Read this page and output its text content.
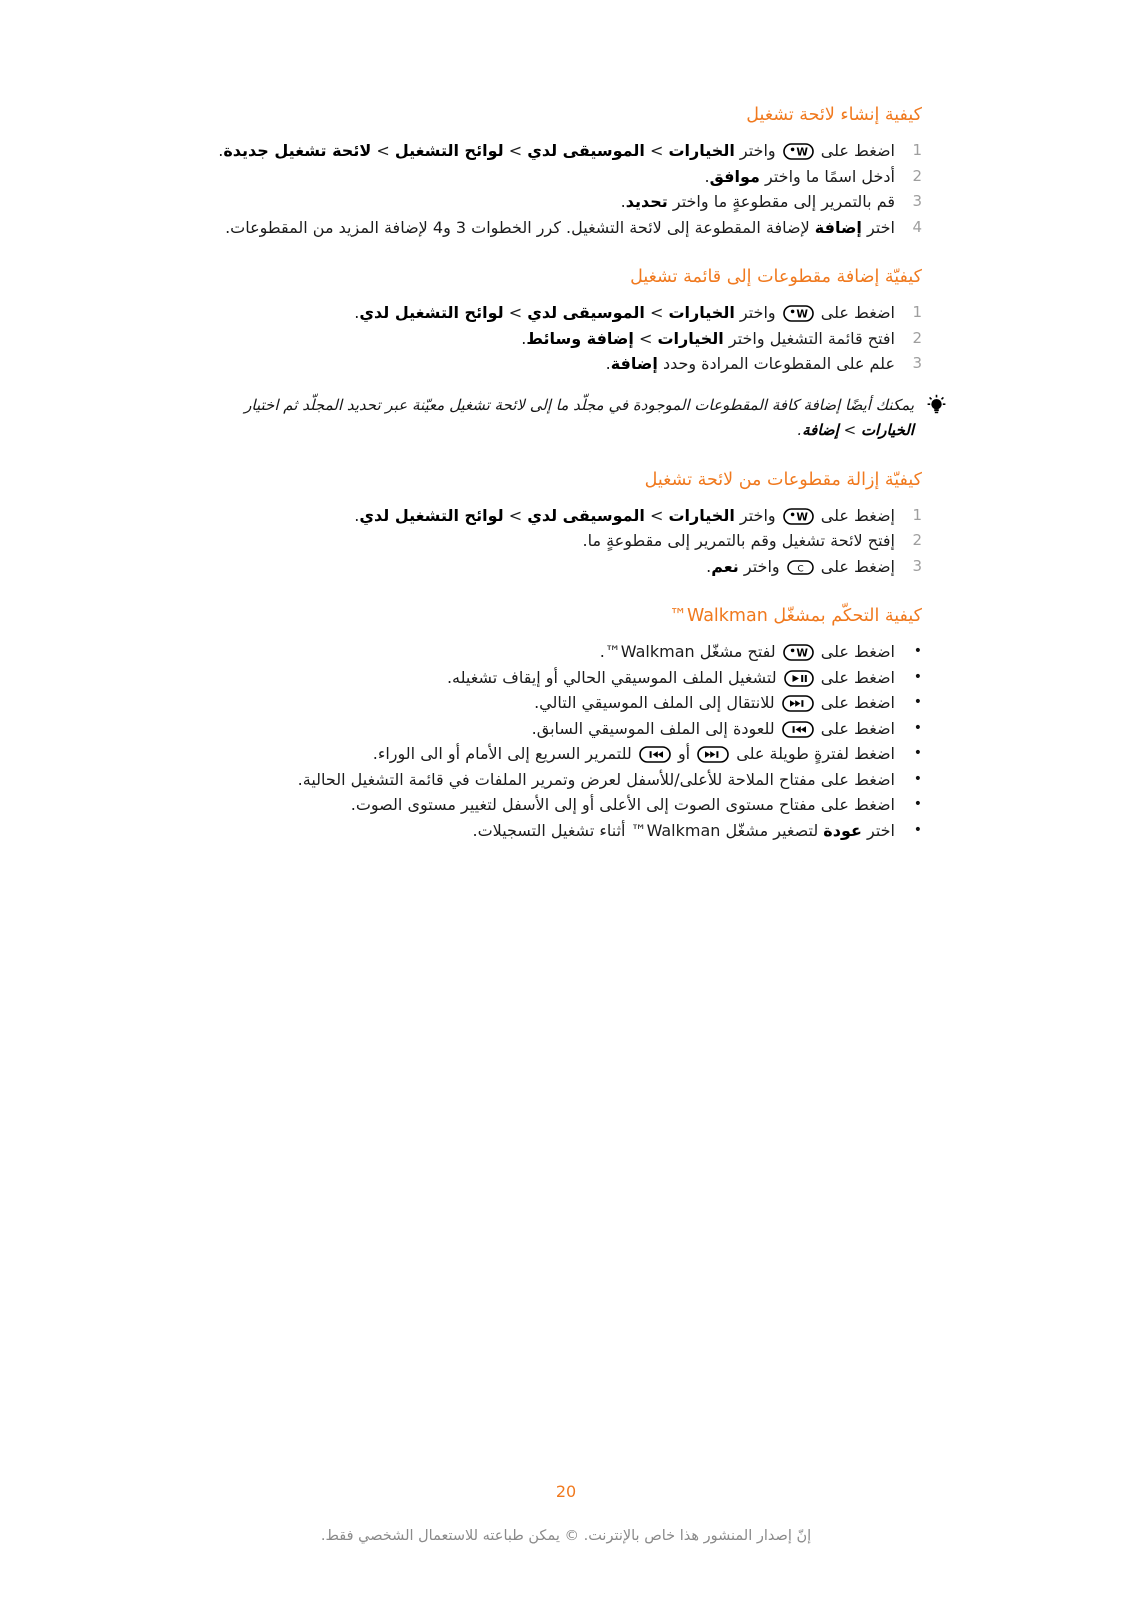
كيفية إنشاء لائحة تشغيل
1
اضغط على
W
واختر الخيارات > الموسيقى لدي > لوائح التشغيل > لائحة تشغيل جديدة.
2
أدخل اسمًا ما واختر موافق.
3
قم بالتمرير إلى مقطوعةٍ ما واختر تحديد.
4
اختر إضافة لإضافة المقطوعة إلى لائحة التشغيل. كرر الخطوات 3 و4 لإضافة المزيد من المقطوعات.
كيفيّة إضافة مقطوعات إلى قائمة تشغيل
1
اضغط على
W
واختر الخيارات > الموسيقى لدي > لوائح التشغيل لدي.
2
افتح قائمة التشغيل واختر الخيارات > إضافة وسائط.
3
علم على المقطوعات المرادة وحدد إضافة.
يمكنك أيضًا إضافة كافة المقطوعات الموجودة في مجلّد ما إلى لائحة تشغيل معيّنة عبر تحديد المجلّد ثم اختيار الخيارات > إضافة.
كيفيّة إزالة مقطوعات من لائحة تشغيل
1
إضغط على
W
واختر الخيارات > الموسيقى لدي > لوائح التشغيل لدي.
2
إفتح لائحة تشغيل وقم بالتمرير إلى مقطوعةٍ ما.
3
إضغط على
C
واختر نعم.
كيفية التحكّم بمشغّل Walkman™
•
اضغط على
W
لفتح مشغّل Walkman™.
•
اضغط على
لتشغيل الملف الموسيقي الحالي أو إيقاف تشغيله.
•
اضغط على
للانتقال إلى الملف الموسيقي التالي.
•
اضغط على
للعودة إلى الملف الموسيقي السابق.
•
اضغط لفترةٍ طويلة على
أو
للتمرير السريع إلى الأمام أو الى الوراء.
•
اضغط على مفتاح الملاحة للأعلى/للأسفل لعرض وتمرير الملفات في قائمة التشغيل الحالية.
•
اضغط على مفتاح مستوى الصوت إلى الأعلى أو إلى الأسفل لتغيير مستوى الصوت.
•
اختر عودة لتصغير مشغّل Walkman™ أثناء تشغيل التسجيلات.
20
إنّ إصدار المنشور هذا خاص بالإنترنت. © يمكن طباعته للاستعمال الشخصي فقط.
